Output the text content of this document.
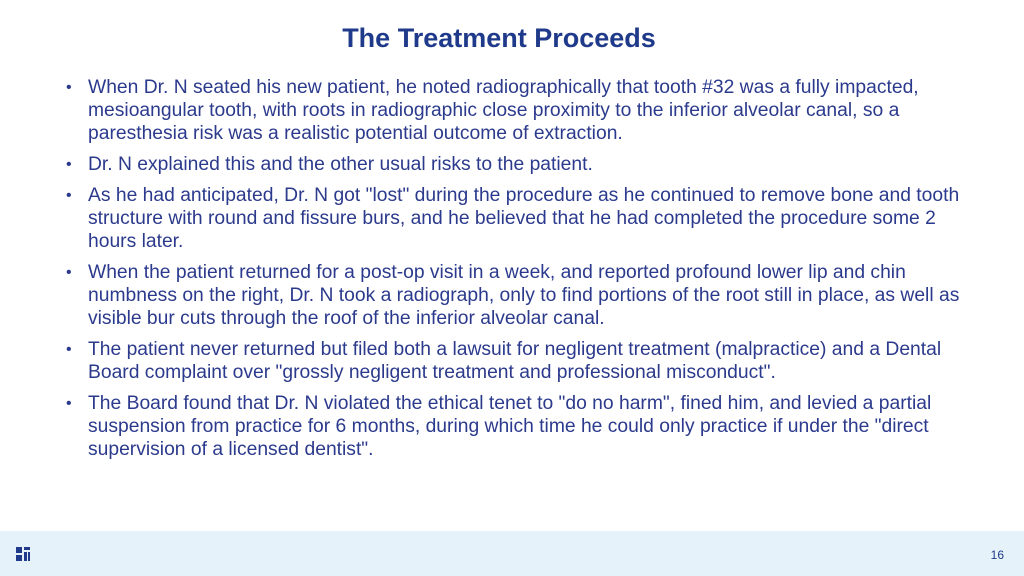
The Treatment Proceeds
• When Dr. N seated his new patient, he noted radiographically that tooth #32 was a fully impacted, mesioangular tooth, with roots in radiographic close proximity to the inferior alveolar canal, so a paresthesia risk was a realistic potential outcome of extraction.
• Dr. N explained this and the other usual risks to the patient.
• As he had anticipated, Dr. N got "lost" during the procedure as he continued to remove bone and tooth structure with round and fissure burs, and he believed that he had completed the procedure some 2 hours later.
• When the patient returned for a post-op visit in a week, and reported profound lower lip and chin numbness on the right, Dr. N took a radiograph, only to find portions of the root still in place, as well as visible bur cuts through the roof of the inferior alveolar canal.
• The patient never returned but filed both a lawsuit for negligent treatment (malpractice) and a Dental Board complaint over "grossly negligent treatment and professional misconduct".
• The Board found that Dr. N violated the ethical tenet to "do no harm", fined him, and levied a partial suspension from practice for 6 months, during which time he could only practice if under the "direct supervision of a licensed dentist".
16
